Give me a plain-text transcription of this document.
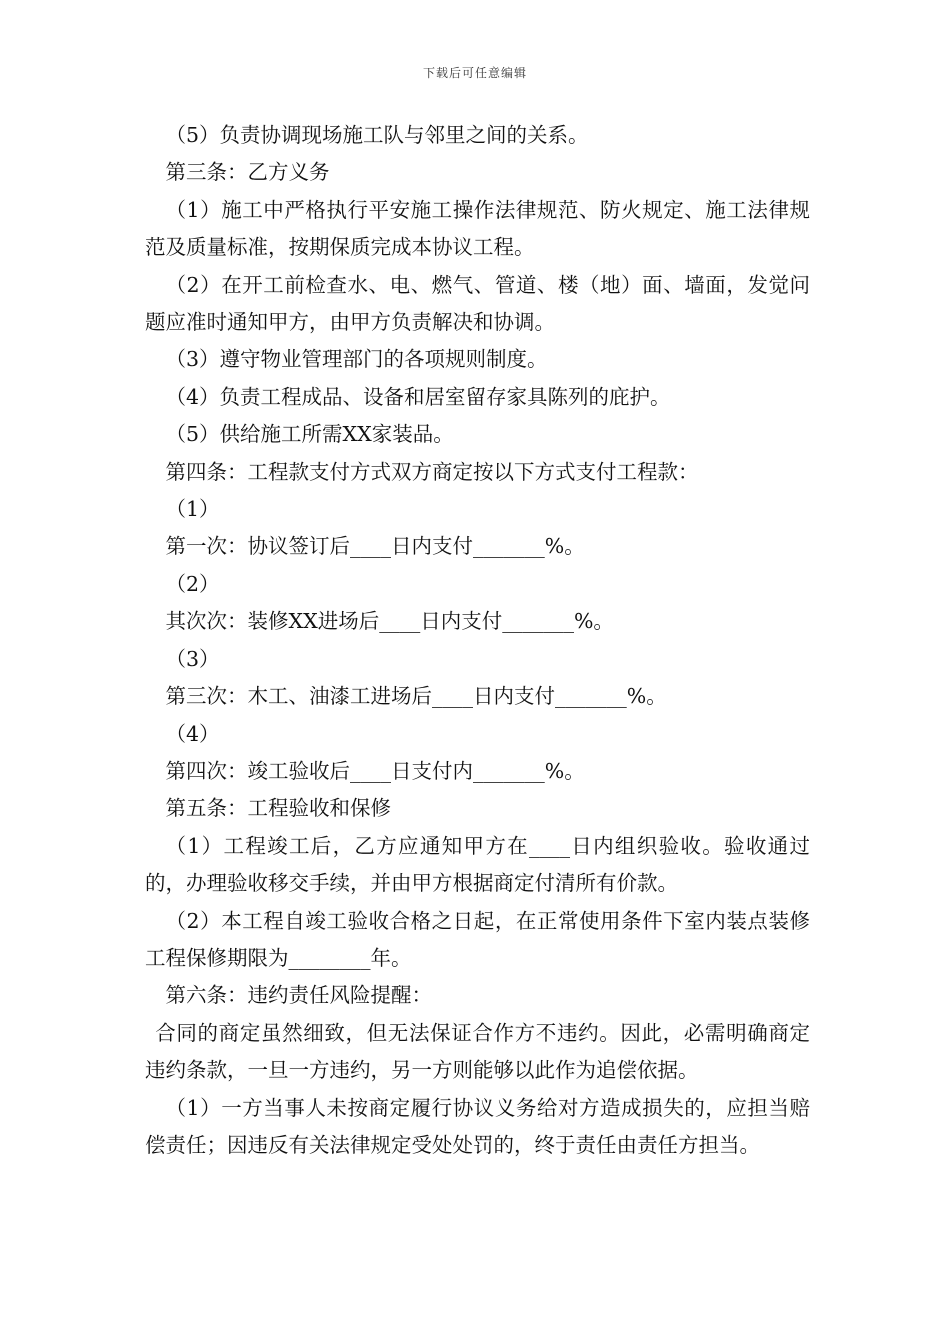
下载后可任意编辑

（5）负责协调现场施工队与邻里之间的关系。

第三条：乙方义务

（1）施工中严格执行平安施工操作法律规范、防火规定、施工法律规范及质量标准，按期保质完成本协议工程。

（2）在开工前检查水、电、燃气、管道、楼（地）面、墙面，发觉问题应准时通知甲方，由甲方负责解决和协调。

（3）遵守物业管理部门的各项规则制度。

（4）负责工程成品、设备和居室留存家具陈列的庇护。

（5）供给施工所需XX家装品。

第四条：工程款支付方式双方商定按以下方式支付工程款：

（1）

第一次：协议签订后____日内支付_______%。

（2）

其次次：装修XX进场后____日内支付_______%。

（3）

第三次：木工、油漆工进场后____日内支付_______%。

（4）

第四次：竣工验收后____日支付内_______%。

第五条：工程验收和保修

（1）工程竣工后，乙方应通知甲方在____日内组织验收。验收通过的，办理验收移交手续，并由甲方根据商定付清所有价款。

（2）本工程自竣工验收合格之日起，在正常使用条件下室内装点装修工程保修期限为________年。

第六条：违约责任风险提醒：

合同的商定虽然细致，但无法保证合作方不违约。因此，必需明确商定违约条款，一旦一方违约，另一方则能够以此作为追偿依据。

（1）一方当事人未按商定履行协议义务给对方造成损失的，应担当赔偿责任；因违反有关法律规定受处处罚的，终于责任由责任方担当。
